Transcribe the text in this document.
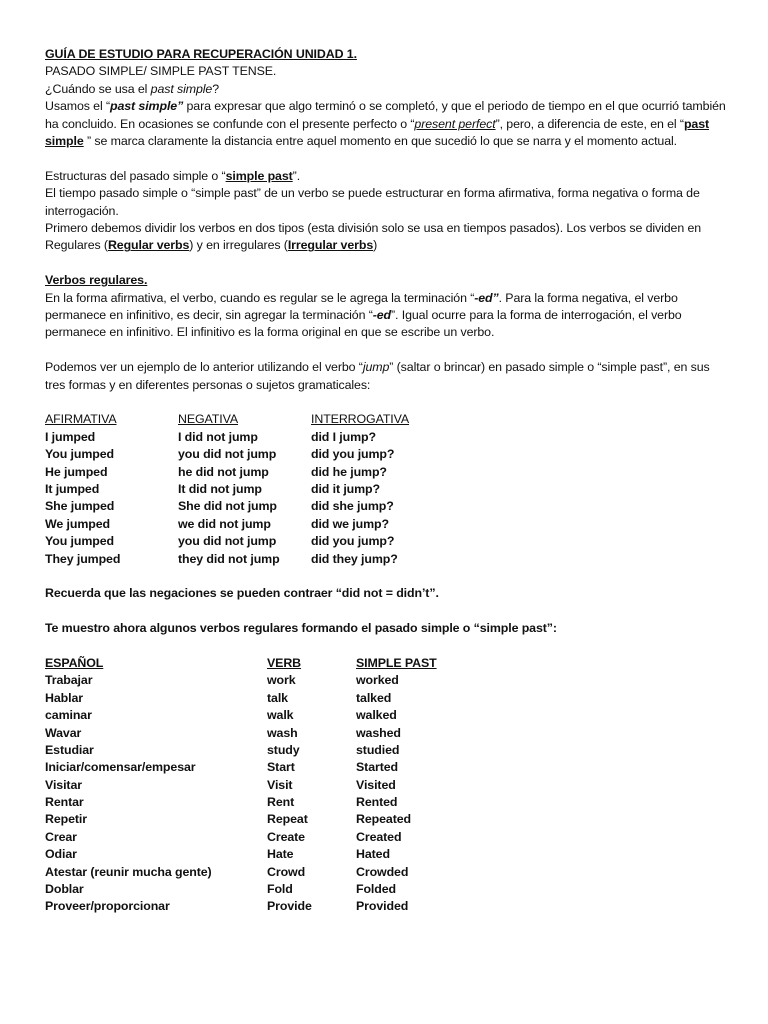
GUÍA DE ESTUDIO PARA RECUPERACIÓN UNIDAD 1.

PASADO SIMPLE/ SIMPLE PAST TENSE.

¿Cuándo se usa el past simple?

Usamos el “past simple” para expresar que algo terminó o se completó, y que el periodo de tiempo en el que ocurrió también ha concluido. En ocasiones se confunde con el presente perfecto o “present perfect”, pero, a diferencia de este, en el “past simple ” se marca claramente la distancia entre aquel momento en que sucedió lo que se narra y el momento actual.

Estructuras del pasado simple o “simple past”.

El tiempo pasado simple o “simple past” de un verbo se puede estructurar en forma afirmativa, forma negativa o forma de interrogación.

Primero debemos dividir los verbos en dos tipos (esta división solo se usa en tiempos pasados). Los verbos se dividen en Regulares (Regular verbs) y en irregulares (Irregular verbs)

Verbos regulares.

En la forma afirmativa, el verbo, cuando es regular se le agrega la terminación “-ed”. Para la forma negativa, el verbo permanece en infinitivo, es decir, sin agregar la terminación “-ed”. Igual ocurre para la forma de interrogación, el verbo permanece en infinitivo. El infinitivo es la forma original en que se escribe un verbo.

Podemos ver un ejemplo de lo anterior utilizando el verbo “jump” (saltar o brincar) en pasado simple o “simple past”, en sus tres formas y en diferentes personas o sujetos gramaticales:

AFIRMATIVA	NEGATIVA	INTERROGATIVA
I jumped	I did not jump	did I jump?
You jumped	you did not jump	did you jump?
He jumped	he did not jump	did he jump?
It jumped	It did not jump	did it jump?
She jumped	She did not jump	did she jump?
We jumped	we did not jump	did we jump?
You jumped	you did not jump	did you jump?
They jumped	they did not jump	did they jump?

Recuerda que las negaciones se pueden contraer “did not = didn’t”.

Te muestro ahora algunos verbos regulares formando el pasado simple o “simple past”:

ESPAÑOL	VERB	SIMPLE PAST
Trabajar	work	worked
Hablar	talk	talked
caminar	walk	walked
Wavar	wash	washed
Estudiar	study	studied
Iniciar/comensar/empesar	Start	Started
Visitar	Visit	Visited
Rentar	Rent	Rented
Repetir	Repeat	Repeated
Crear	Create	Created
Odiar	Hate	Hated
Atestar (reunir mucha gente)	Crowd	Crowded
Doblar	Fold	Folded
Proveer/proporcionar	Provide	Provided
